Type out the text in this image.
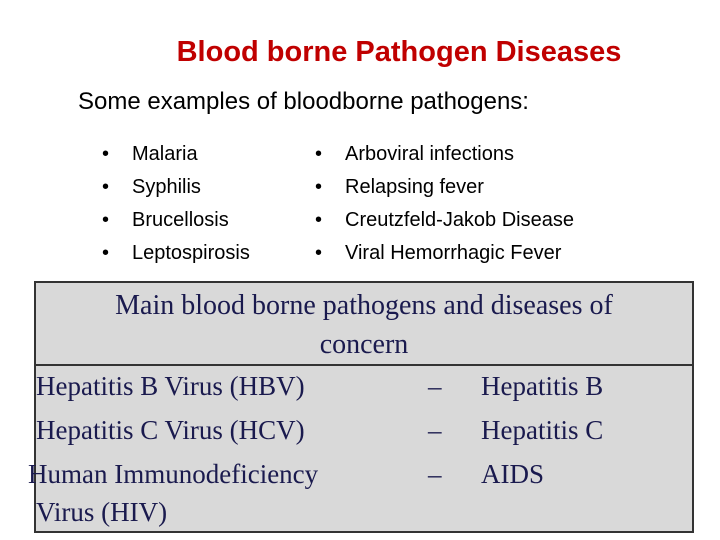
Blood borne Pathogen Diseases
Some examples of bloodborne pathogens:
• Malaria
• Syphilis
• Brucellosis
• Leptospirosis
• Arboviral infections
• Relapsing fever
• Creutzfeld-Jakob Disease
• Viral Hemorrhagic Fever
Main blood borne pathogens and diseases of
concern
Hepatitis B Virus (HBV)	– Hepatitis B
Hepatitis C Virus (HCV)	– Hepatitis C
Human Immunodeficiency	– AIDS
Virus (HIV)
